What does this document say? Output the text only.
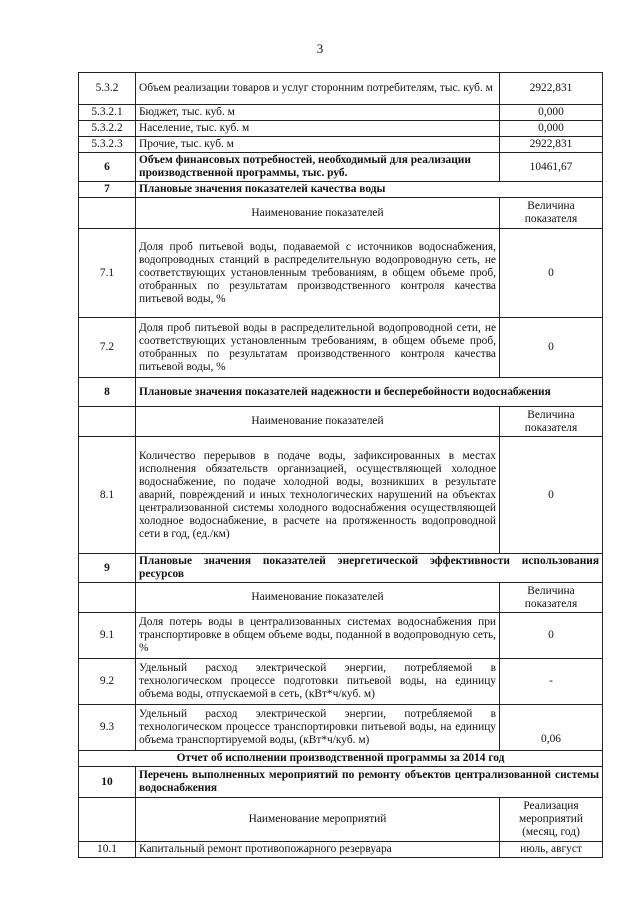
3
5.3.2	Объем реализации товаров и услуг сторонним потребителям, тыс. куб. м	2922,831
5.3.2.1	Бюджет, тыс. куб. м	0,000
5.3.2.2	Население, тыс. куб. м	0,000
5.3.2.3	Прочие, тыс. куб. м	2922,831
6	Объем финансовых потребностей, необходимый для реализации производственной программы, тыс. руб.	10461,67
7	Плановые значения показателей качества воды	
	Наименование показателей	Величина показателя
7.1	Доля проб питьевой воды, подаваемой с источников водоснабжения, водопроводных станций в распределительную водопроводную сеть, не соответствующих установленным требованиям, в общем объеме проб, отобранных по результатам производственного контроля качества питьевой воды, %	0
7.2	Доля проб питьевой воды в распределительной водопроводной сети, не соответствующих установленным требованиям, в общем объеме проб, отобранных по результатам производственного контроля качества питьевой воды, %	0
8	Плановые значения показателей надежности и бесперебойности водоснабжения	
	Наименование показателей	Величина показателя
8.1	Количество перерывов в подаче воды, зафиксированных в местах исполнения обязательств организацией, осуществляющей холодное водоснабжение, по подаче холодной воды, возникших в результате аварий, повреждений и иных технологических нарушений на объектах централизованной системы холодного водоснабжения осуществляющей холодное водоснабжение, в расчете на протяженность водопроводной сети в год, (ед./км)	0
9	Плановые значения показателей энергетической эффективности использования ресурсов	
	Наименование показателей	Величина показателя
9.1	Доля потерь воды в централизованных системах водоснабжения при транспортировке в общем объеме воды, поданной в водопроводную сеть, %	0
9.2	Удельный расход электрической энергии, потребляемой в технологическом процессе подготовки питьевой воды, на единицу объема воды, отпускаемой в сеть, (кВт*ч/куб. м)	-
9.3	Удельный расход электрической энергии, потребляемой в технологическом процессе транспортировки питьевой воды, на единицу объема транспортируемой воды, (кВт*ч/куб. м)	0,06
Отчет об исполнении производственной программы за 2014 год		
10	Перечень выполненных мероприятий по ремонту объектов централизованной системы водоснабжения	
	Наименование мероприятий	Реализация мероприятий (месяц, год)
10.1	Капитальный ремонт противопожарного резервуара	июль, август
